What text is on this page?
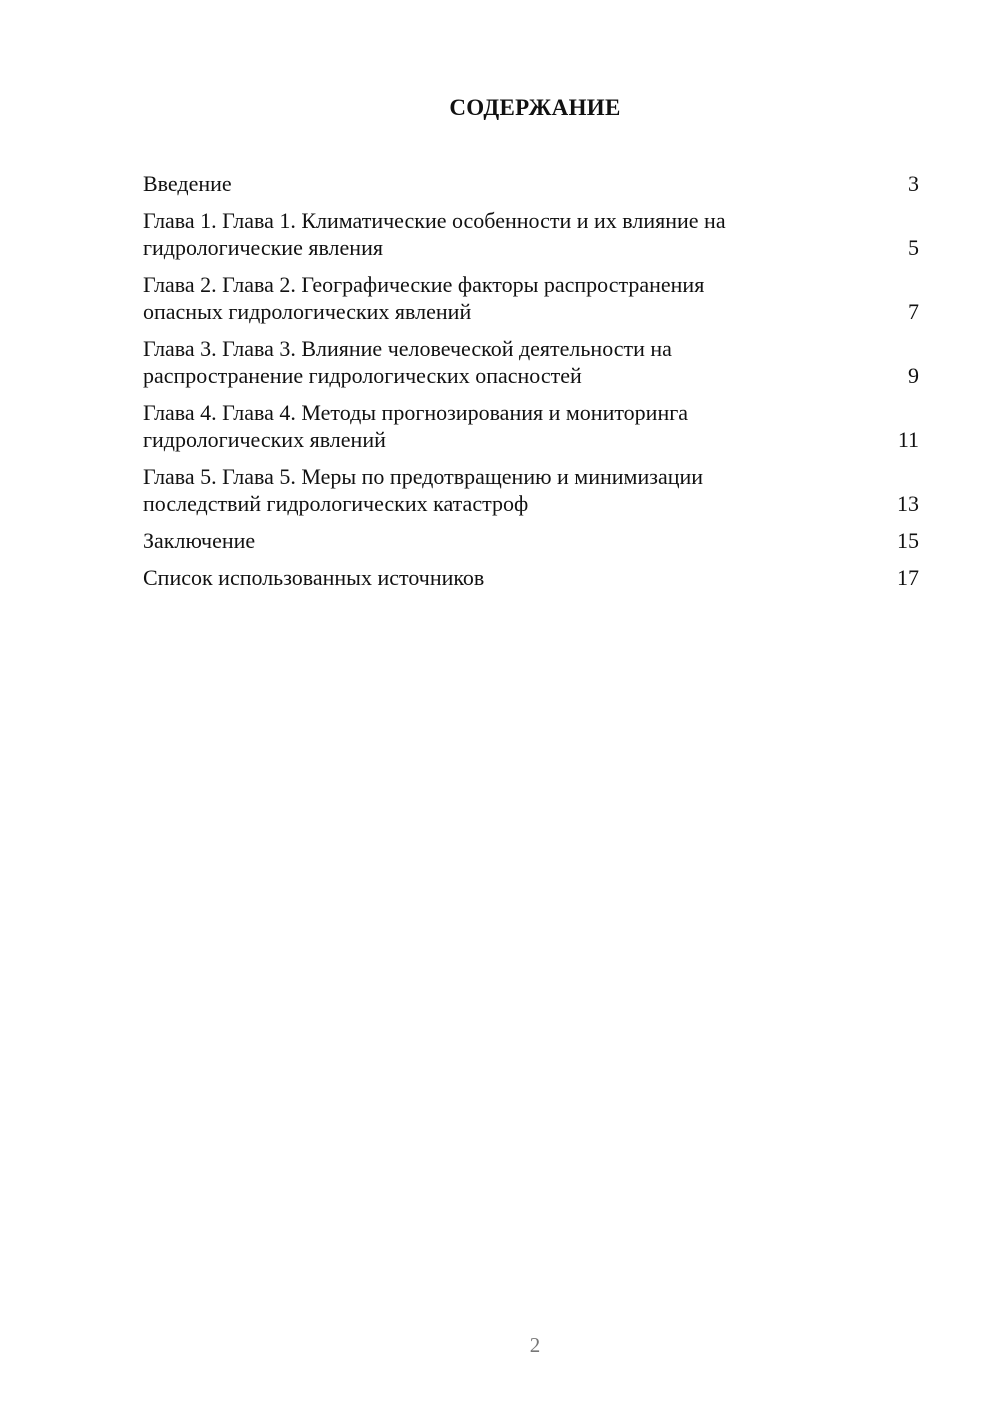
СОДЕРЖАНИЕ
Введение	3
Глава 1. Глава 1. Климатические особенности и их влияние на
гидрологические явления	5
Глава 2. Глава 2. Географические факторы распространения
опасных гидрологических явлений	7
Глава 3. Глава 3. Влияние человеческой деятельности на
распространение гидрологических опасностей	9
Глава 4. Глава 4. Методы прогнозирования и мониторинга
гидрологических явлений	11
Глава 5. Глава 5. Меры по предотвращению и минимизации
последствий гидрологических катастроф	13
Заключение	15
Список использованных источников	17
2
